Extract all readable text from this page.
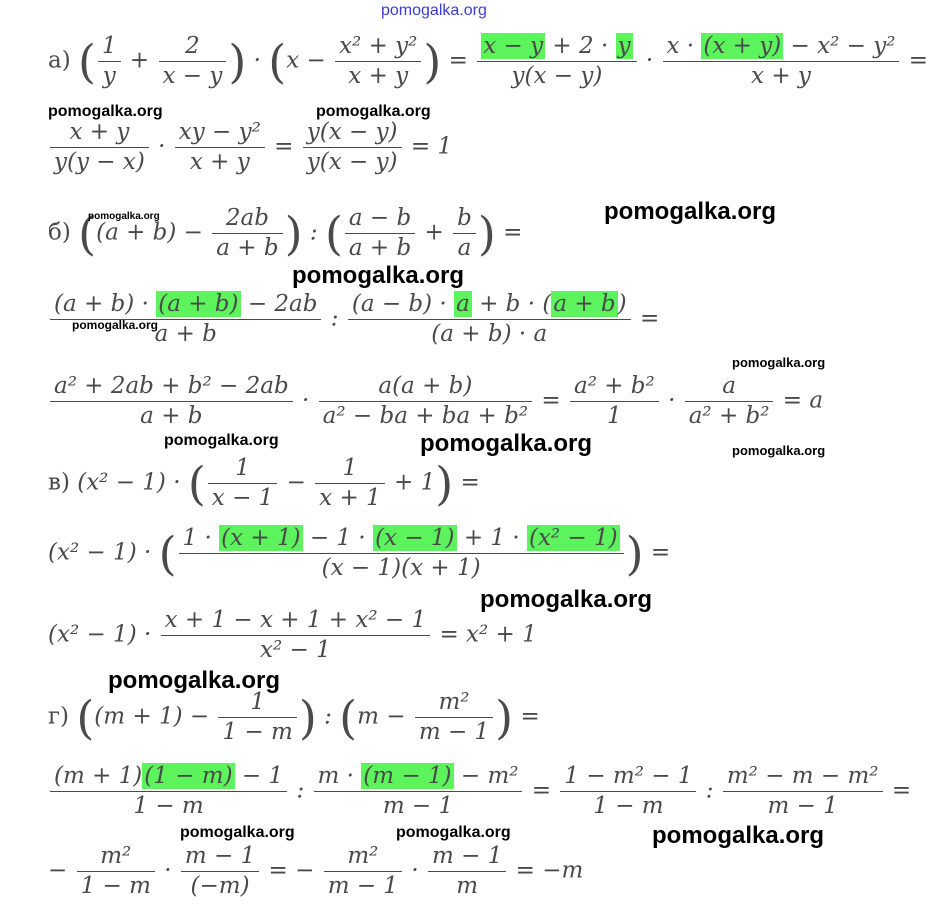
pomogalka.org
а) ( $\frac{1}{y} + \frac{2}{x - y}$ ) · ($x - \frac{\text{x² + y²}}{x + y}$ ) = $\frac{x - y + 2 \cdot y}{y(x - y)} \cdot \frac{\text{x · (x + y) − x² − y²}}{x + y}$ =
$\frac{x + y}{y(y - x)} \cdot \frac{\text{xy − y²}}{x + y} = \frac{y(x - y)}{y(x - y)} = 1$
б) ($(a + b) - \frac{2ab}{a + b}$ ) : ( $\frac{a - b}{a + b} + \frac{b}{a}$ ) =
$\frac{(a + b) \cdot (a + b) - 2ab}{a + b}$ : $\frac{(a - b) \cdot a + b \cdot (a + b)}{(a + b) \cdot a}$ =
$\frac{\text{a² + 2ab + b² − 2ab}}{a + b} \cdot \frac{a(a + b)}{\text{a² − ba + ba + b²}} = \frac{\text{a² + b²}}{1} \cdot \frac{a}{\text{a² + b²}} = a$
в) (x² − 1) · ( $\frac{1}{x - 1} - \frac{1}{x + 1} + 1$) =
(x² − 1) · ( $\frac{\text{1 · (x + 1) − 1 · (x − 1) + 1 · (x² − 1)}}{(x - 1)(x + 1)}$ ) =
$(x^2 - 1) \cdot \frac{\text{x + 1 − x + 1 + x² − 1}}{\text{x² − 1}} = x^2 + 1$
г) ($(m + 1) - \frac{1}{1 - m}$ ) : ($m - \frac{\text{m²}}{m - 1}$ ) =
$\frac{(m + 1)(1 - m) - 1}{1 - m}$ : $\frac{\text{m · (m − 1) − m²}}{m - 1} = \frac{\text{1 − m² − 1}}{1 - m}$ : $\frac{\text{m² − m − m²}}{m - 1}$ =
− $\frac{\text{m²}}{1 - m} \cdot \frac{m - 1}{(-m)}$ = − $\frac{\text{m²}}{m - 1} \cdot \frac{m - 1}{m} = -m$
pomogalka.org	pomogalka.org
pomogalka.org	pomogalka.org
pomogalka.org
pomogalka.org
pomogalka.org
pomogalka.org	pomogalka.org	pomogalka.org
pomogalka.org
pomogalka.org
pomogalka.org	pomogalka.org	pomogalka.org
